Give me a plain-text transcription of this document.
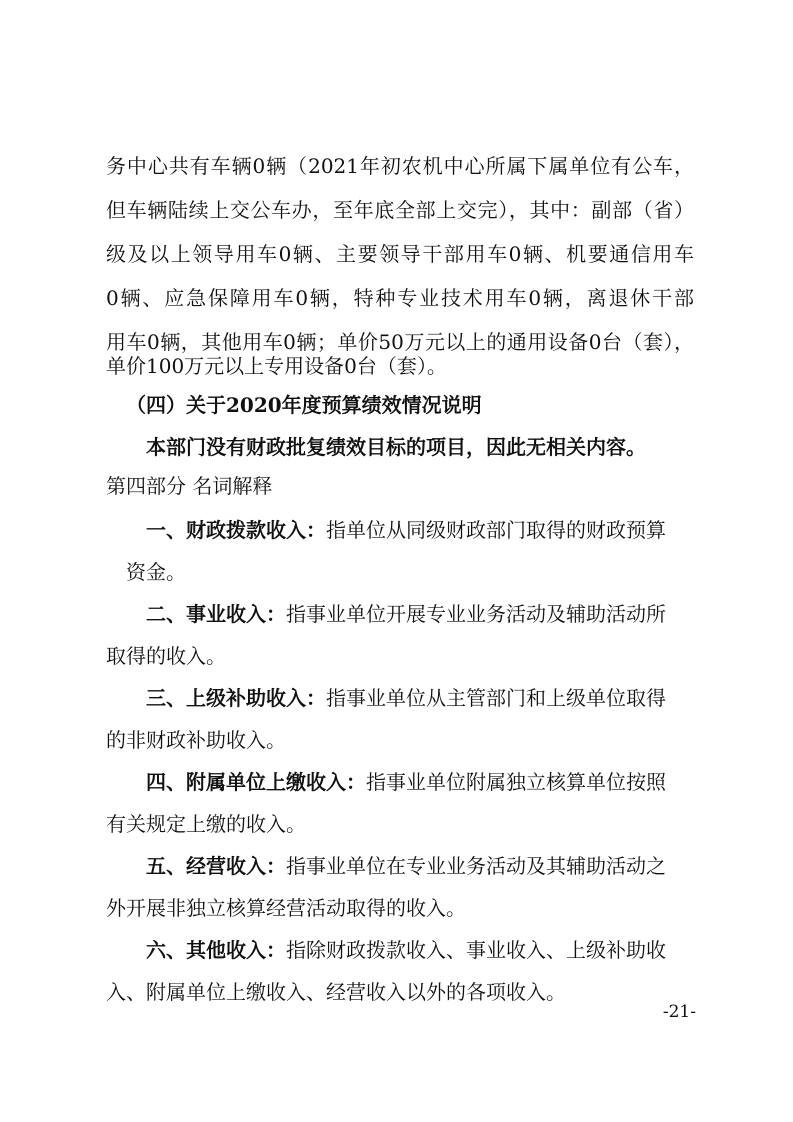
务中心共有车辆0辆（2021年初农机中心所属下属单位有公车，
但车辆陆续上交公车办，至年底全部上交完），其中：副部（省）
级及以上领导用车0辆、主要领导干部用车0辆、机要通信用车
0辆、应急保障用车0辆，特种专业技术用车0辆，离退休干部
用车0辆，其他用车0辆；单价50万元以上的通用设备0台（套），
单价100万元以上专用设备0台（套）。
（四）关于2020年度预算绩效情况说明
本部门没有财政批复绩效目标的项目，因此无相关内容。
第四部分 名词解释
一、财政拨款收入：指单位从同级财政部门取得的财政预算
资金。
二、事业收入：指事业单位开展专业业务活动及辅助活动所
取得的收入。
三、上级补助收入：指事业单位从主管部门和上级单位取得
的非财政补助收入。
四、附属单位上缴收入：指事业单位附属独立核算单位按照
有关规定上缴的收入。
五、经营收入：指事业单位在专业业务活动及其辅助活动之
外开展非独立核算经营活动取得的收入。
六、其他收入：指除财政拨款收入、事业收入、上级补助收
入、附属单位上缴收入、经营收入以外的各项收入。
-21-
